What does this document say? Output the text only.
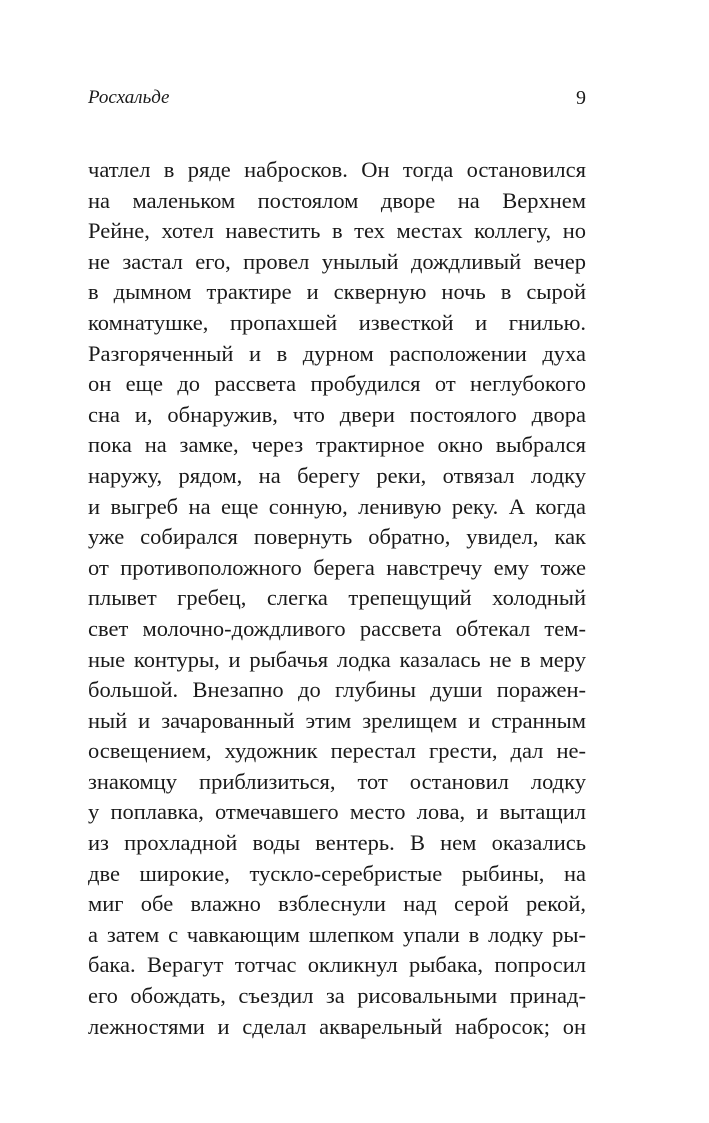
Росхальде	9
чатлел в ряде набросков. Он тогда остановился
на маленьком постоялом дворе на Верхнем
Рейне, хотел навестить в тех местах коллегу, но
не застал его, провел унылый дождливый вечер
в дымном трактире и скверную ночь в сырой
комнатушке, пропахшей известкой и гнилью.
Разгоряченный и в дурном расположении духа
он еще до рассвета пробудился от неглубокого
сна и, обнаружив, что двери постоялого двора
пока на замке, через трактирное окно выбрался
наружу, рядом, на берегу реки, отвязал лодку
и выгреб на еще сонную, ленивую реку. А когда
уже собирался повернуть обратно, увидел, как
от противоположного берега навстречу ему тоже
плывет гребец, слегка трепещущий холодный
свет молочно-дождливого рассвета обтекал тем-
ные контуры, и рыбачья лодка казалась не в меру
большой. Внезапно до глубины души поражен-
ный и зачарованный этим зрелищем и странным
освещением, художник перестал грести, дал не-
знакомцу приблизиться, тот остановил лодку
у поплавка, отмечавшего место лова, и вытащил
из прохладной воды вентерь. В нем оказались
две широкие, тускло-серебристые рыбины, на
миг обе влажно взблеснули над серой рекой,
а затем с чавкающим шлепком упали в лодку ры-
бака. Верагут тотчас окликнул рыбака, попросил
его обождать, съездил за рисовальными принад-
лежностями и сделал акварельный набросок; он
